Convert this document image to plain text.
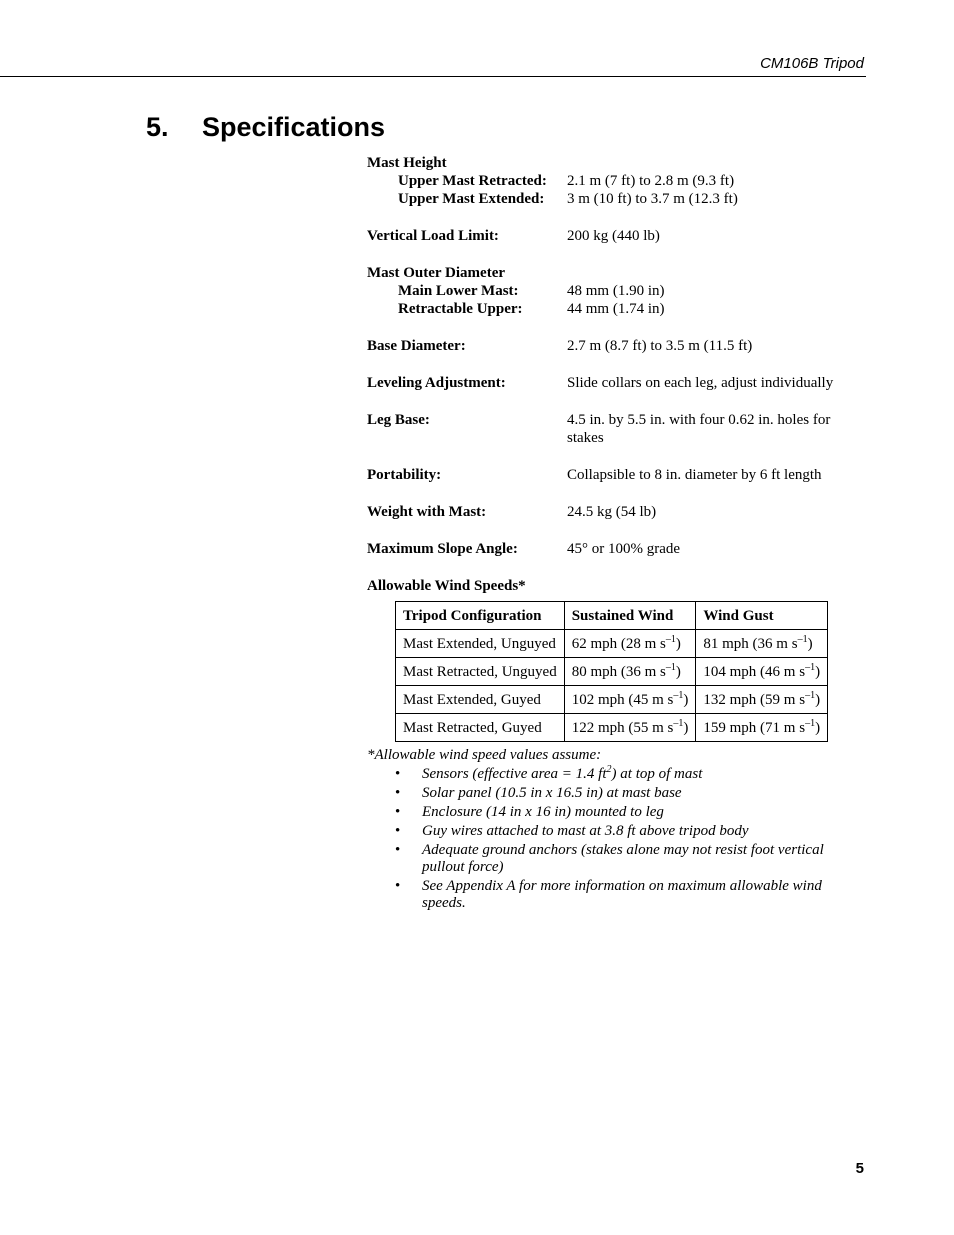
CM106B Tripod
5. Specifications
Mast Height
Upper Mast Retracted:	2.1 m (7 ft) to 2.8 m (9.3 ft)
Upper Mast Extended:	3 m (10 ft) to 3.7 m (12.3 ft)
Vertical Load Limit:	200 kg (440 lb)
Mast Outer Diameter
Main Lower Mast:	48 mm (1.90 in)
Retractable Upper:	44 mm (1.74 in)
Base Diameter:	2.7 m (8.7 ft) to 3.5 m (11.5 ft)
Leveling Adjustment:	Slide collars on each leg, adjust individually
Leg Base:	4.5 in. by 5.5 in. with four 0.62 in. holes for stakes
Portability:	Collapsible to 8 in. diameter by 6 ft length
Weight with Mast:	24.5 kg (54 lb)
Maximum Slope Angle:	45° or 100% grade
Allowable Wind Speeds*
Tripod Configuration	Sustained Wind	Wind Gust
Mast Extended, Unguyed	62 mph (28 m $s^{-1}$)	81 mph (36 m $s^{-1}$)
Mast Retracted, Unguyed	80 mph (36 m $s^{-1}$)	104 mph (46 m $s^{-1}$)
Mast Extended, Guyed	102 mph (45 m $s^{-1}$)	132 mph (59 m $s^{-1}$)
Mast Retracted, Guyed	122 mph (55 m $s^{-1}$)	159 mph (71 m $s^{-1}$)
*Allowable wind speed values assume:
• Sensors (effective area = 1.4 $ft^2$) at top of mast
• Solar panel (10.5 in x 16.5 in) at mast base
• Enclosure (14 in x 16 in) mounted to leg
• Guy wires attached to mast at 3.8 ft above tripod body
• Adequate ground anchors (stakes alone may not resist foot vertical pullout force)
• See Appendix A for more information on maximum allowable wind speeds.
5
